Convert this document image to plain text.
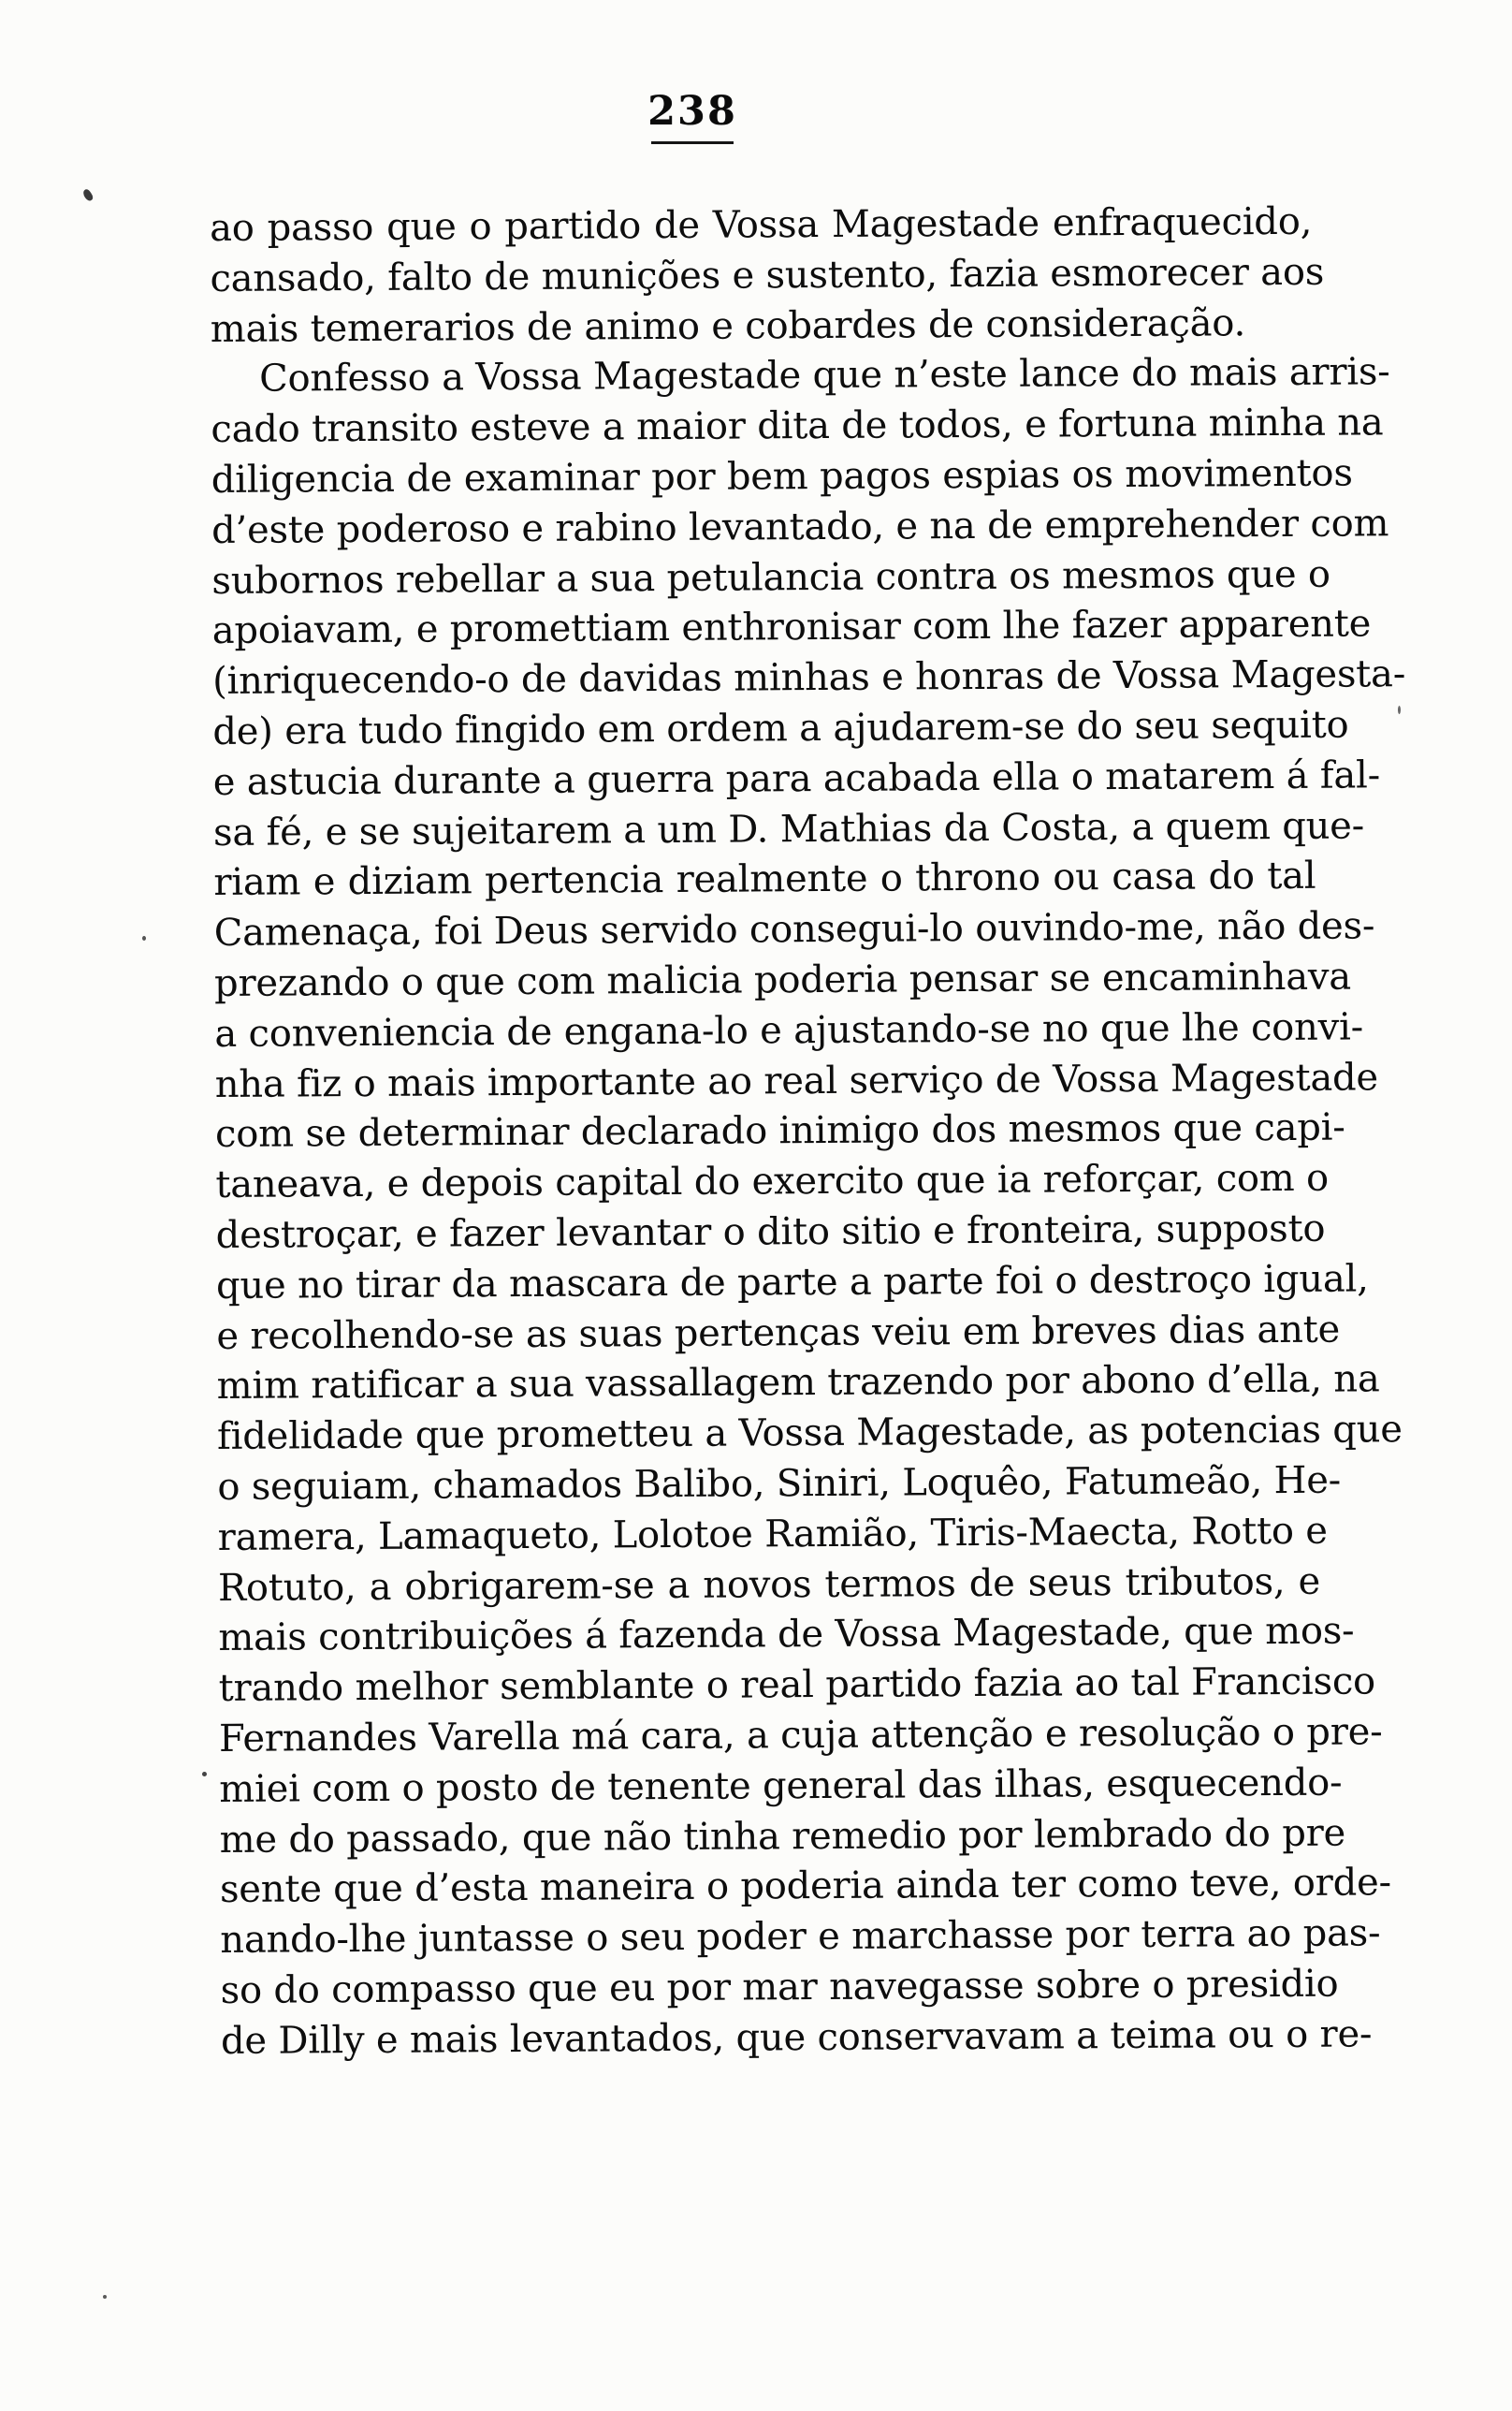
238
ao passo que o partido de Vossa Magestade enfraquecido,
cansado, falto de munições e sustento, fazia esmorecer aos
mais temerarios de animo e cobardes de consideração.
Confesso a Vossa Magestade que n’este lance do mais arris-
cado transito esteve a maior dita de todos, e fortuna minha na
diligencia de examinar por bem pagos espias os movimentos
d’este poderoso e rabino levantado, e na de emprehender com
subornos rebellar a sua petulancia contra os mesmos que o
apoiavam, e promettiam enthronisar com lhe fazer apparente
(inriquecendo-o de davidas minhas e honras de Vossa Magesta-
de) era tudo fingido em ordem a ajudarem-se do seu sequito
e astucia durante a guerra para acabada ella o matarem á fal-
sa fé, e se sujeitarem a um D. Mathias da Costa, a quem que-
riam e diziam pertencia realmente o throno ou casa do tal
Camenaça, foi Deus servido consegui-lo ouvindo-me, não des-
prezando o que com malicia poderia pensar se encaminhava
a conveniencia de engana-lo e ajustando-se no que lhe convi-
nha fiz o mais importante ao real serviço de Vossa Magestade
com se determinar declarado inimigo dos mesmos que capi-
taneava, e depois capital do exercito que ia reforçar, com o
destroçar, e fazer levantar o dito sitio e fronteira, supposto
que no tirar da mascara de parte a parte foi o destroço igual,
e recolhendo-se as suas pertenças veiu em breves dias ante
mim ratificar a sua vassallagem trazendo por abono d’ella, na
fidelidade que prometteu a Vossa Magestade, as potencias que
o seguiam, chamados Balibo, Siniri, Loquêo, Fatumeão, He-
ramera, Lamaqueto, Lolotoe Ramião, Tiris-Maecta, Rotto e
Rotuto, a obrigarem-se a novos termos de seus tributos, e
mais contribuições á fazenda de Vossa Magestade, que mos-
trando melhor semblante o real partido fazia ao tal Francisco
Fernandes Varella má cara, a cuja attenção e resolução o pre-
miei com o posto de tenente general das ilhas, esquecendo-
me do passado, que não tinha remedio por lembrado do pre
sente que d’esta maneira o poderia ainda ter como teve, orde-
nando-lhe juntasse o seu poder e marchasse por terra ao pas-
so do compasso que eu por mar navegasse sobre o presidio
de Dilly e mais levantados, que conservavam a teima ou o re-
